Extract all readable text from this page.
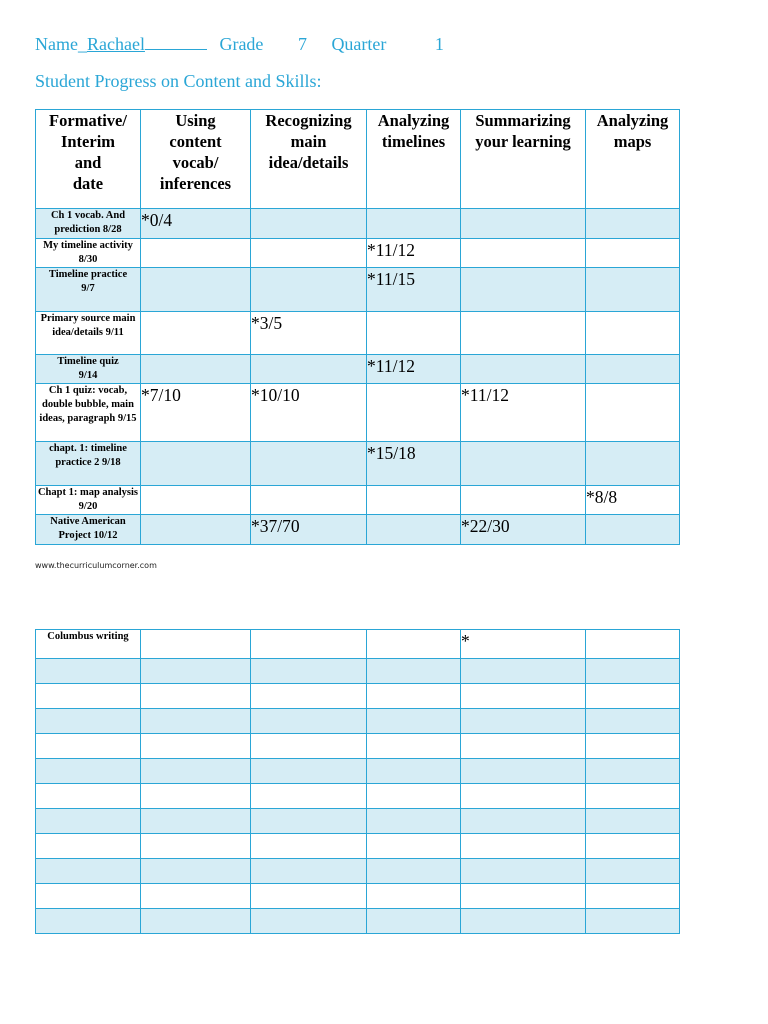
Name_Rachael	Grade 7 Quarter	1
Student Progress on Content and Skills:
Formative/
Interim
and
date	Using
content
vocab/
inferences	Recognizing
main
idea/details	Analyzing
timelines	Summarizing
your learning	Analyzing
maps
Ch 1 vocab. And prediction 8/28	*0/4				
My timeline activity 8/30			*11/12		
Timeline practice
9/7			*11/15		
Primary source main idea/details 9/11		*3/5			
Timeline quiz
9/14			*11/12		
Ch 1 quiz: vocab, double bubble, main ideas, paragraph 9/15	*7/10	*10/10		*11/12	
chapt. 1: timeline practice 2 9/18			*15/18		
Chapt 1: map analysis 9/20					*8/8
Native American Project 10/12		*37/70		*22/30	
www.thecurriculumcorner.com
Columbus writing				*	
